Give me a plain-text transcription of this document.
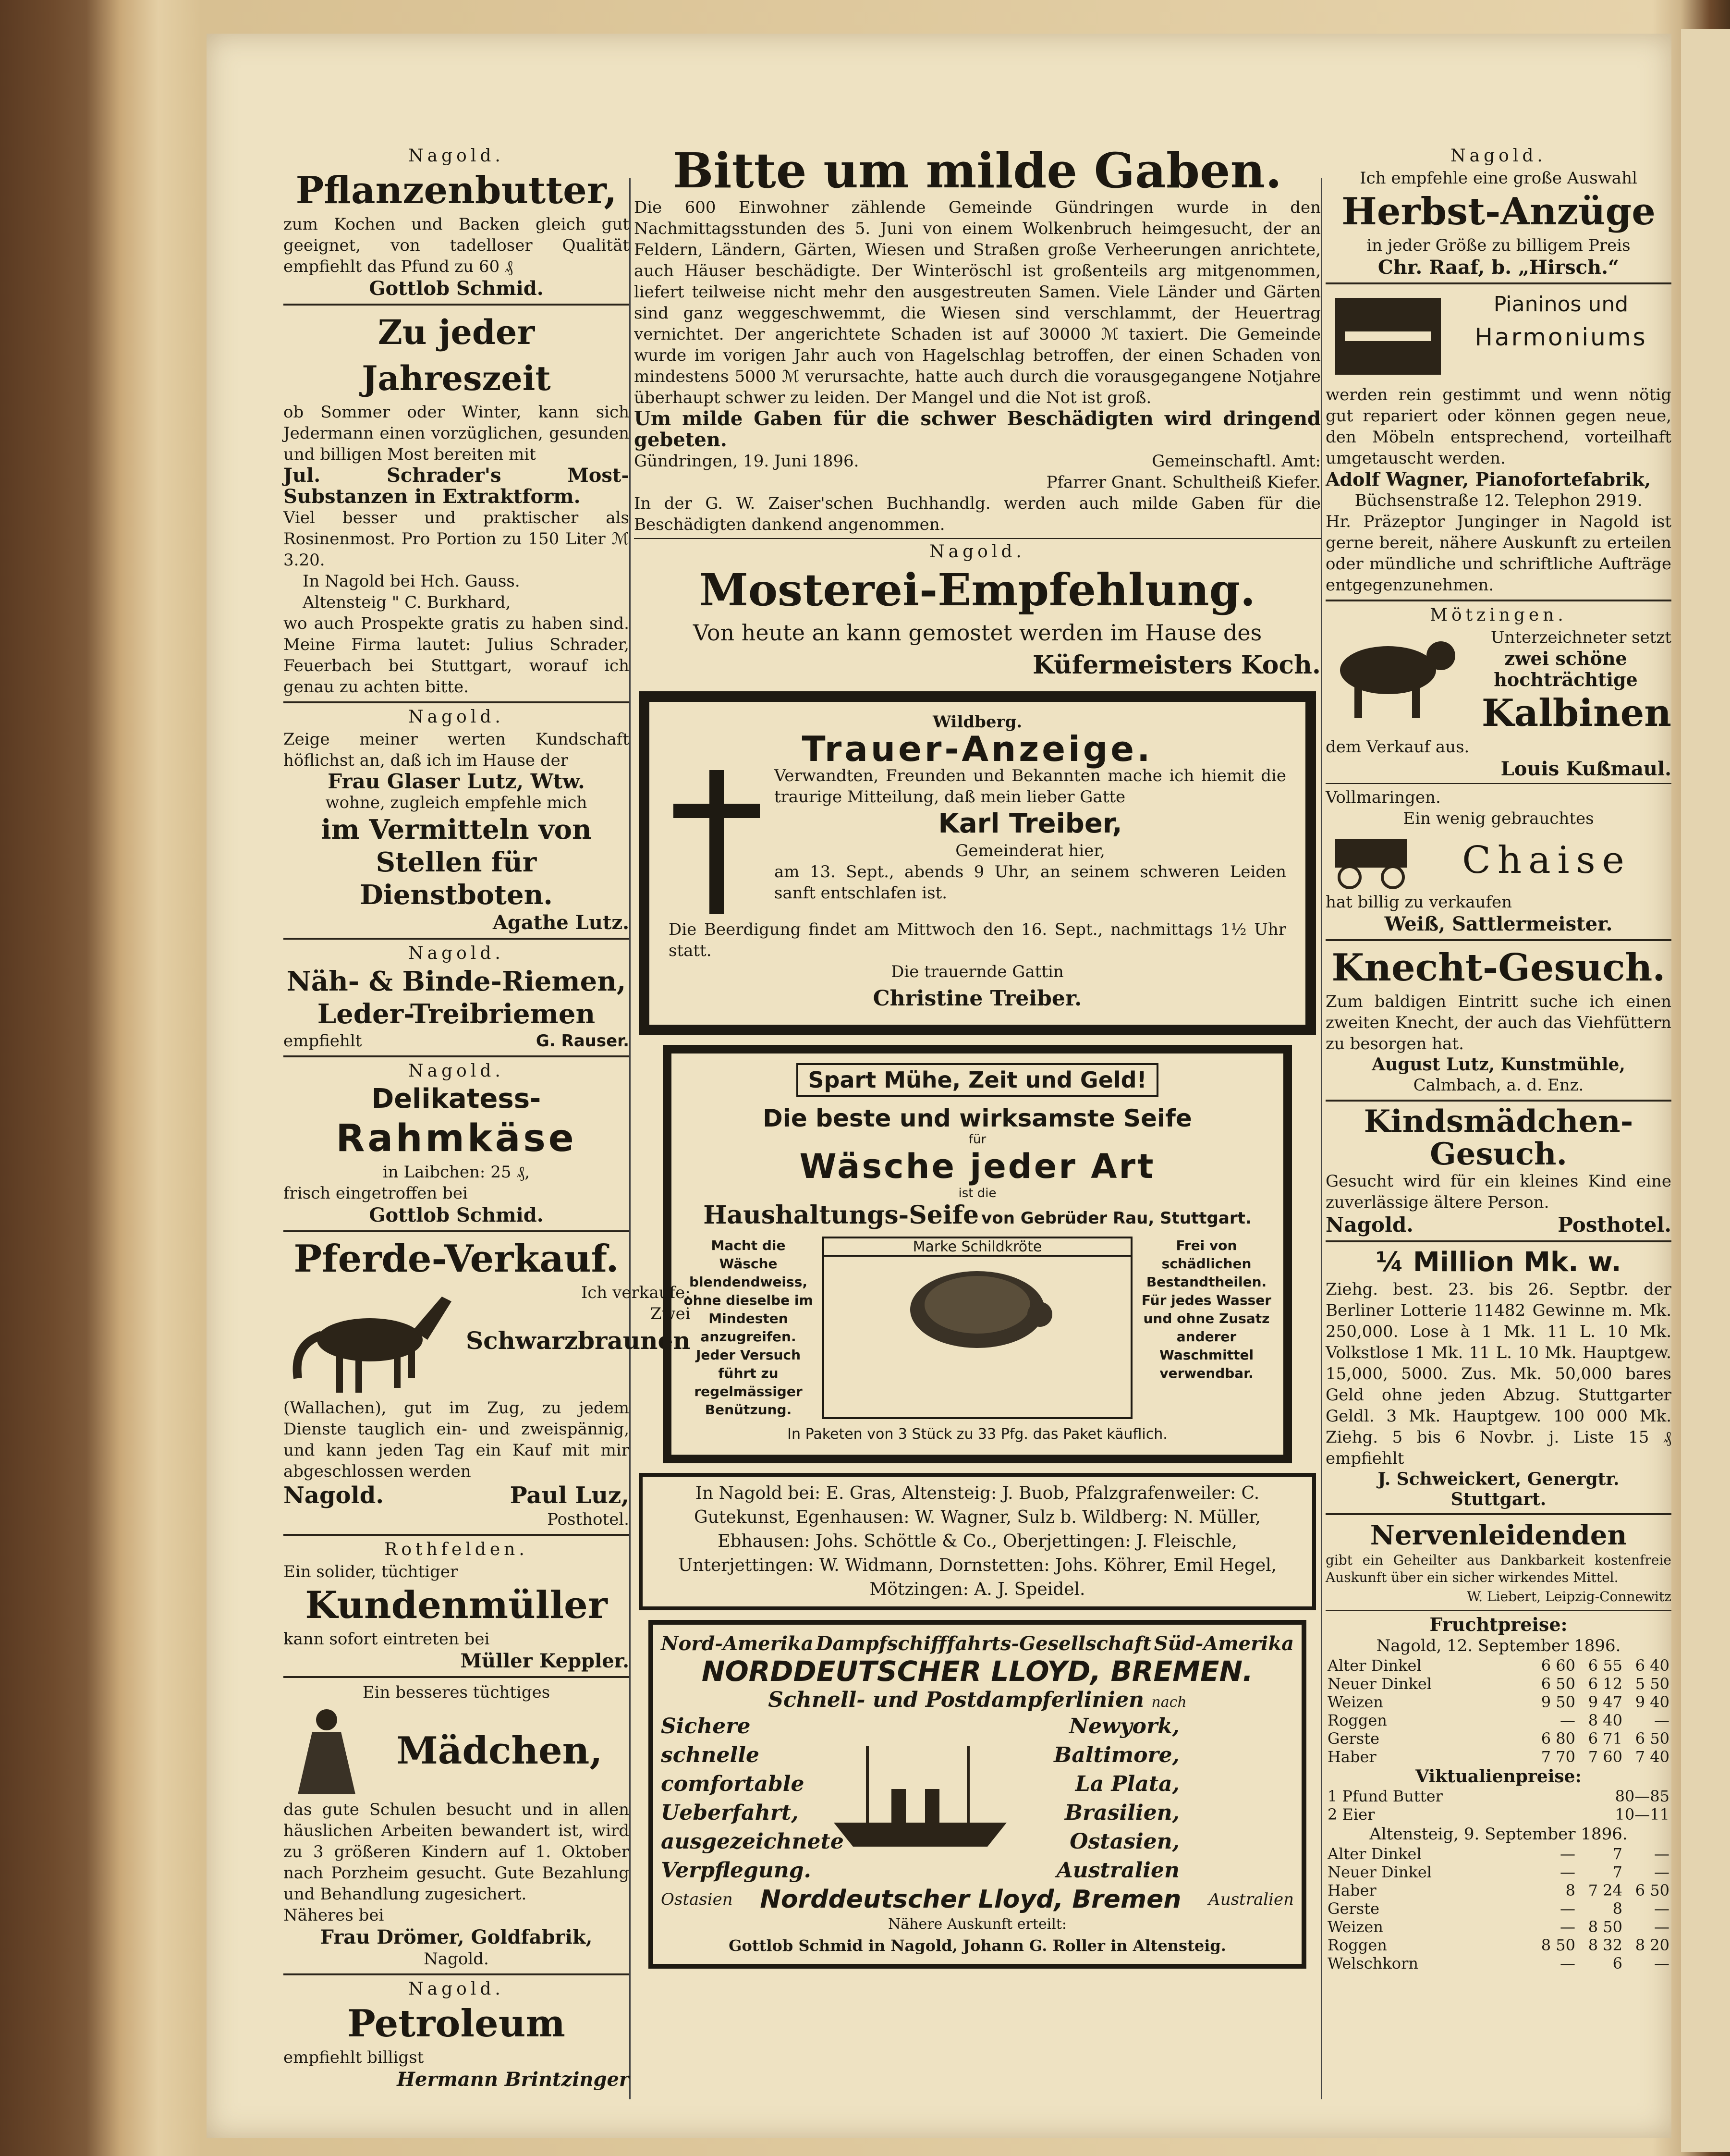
Nagold.
Pflanzenbutter,
zum Kochen und Backen gleich gut geeignet, von tadelloser Qualität empfiehlt das Pfund zu 60 ₰
Gottlob Schmid.
Zu jeder Jahreszeit
ob Sommer oder Winter, kann sich Jedermann einen vorzüglichen, gesunden und billigen Most bereiten mit
Jul. Schrader's Most-Substanzen in Extraktform.
Viel besser und praktischer als Rosinenmost. Pro Portion zu 150 Liter ℳ 3.20.
In Nagold bei Hch. Gauss.
Altensteig " C. Burkhard,
wo auch Prospekte gratis zu haben sind. Meine Firma lautet: Julius Schrader, Feuerbach bei Stuttgart, worauf ich genau zu achten bitte.
Nagold.
Zeige meiner werten Kundschaft höflichst an, daß ich im Hause der
Frau Glaser Lutz, Wtw.
wohne, zugleich empfehle mich
im Vermitteln von Stellen für Dienstboten.
Agathe Lutz.
Nagold.
Näh- & Binde-Riemen,
Leder-Treibriemen
empfiehlt	G. Rauser.
Nagold.
Delikatess-
Rahmkäse
in Laibchen: 25 ₰,
frisch eingetroffen bei
Gottlob Schmid.
Pferde-Verkauf.
Ich verkaufe:
Zwei
Schwarzbraunen
(Wallachen), gut im Zug, zu jedem Dienste tauglich ein- und zweispännig, und kann jeden Tag ein Kauf mit mir abgeschlossen werden
Nagold.	Paul Luz,
Posthotel.
Rothfelden.
Ein solider, tüchtiger
Kundenmüller
kann sofort eintreten bei
Müller Keppler.
Ein besseres tüchtiges
Mädchen,
das gute Schulen besucht und in allen häuslichen Arbeiten bewandert ist, wird zu 3 größeren Kindern auf 1. Oktober nach Porzheim gesucht. Gute Bezahlung und Behandlung zugesichert.
Näheres bei
Frau Drömer, Goldfabrik,
Nagold.
Nagold.
Petroleum
empfiehlt billigst
Hermann Brintzinger
Bitte um milde Gaben.
Die 600 Einwohner zählende Gemeinde Gündringen wurde in den Nachmittagsstunden des 5. Juni von einem Wolkenbruch heimgesucht, der an Feldern, Ländern, Gärten, Wiesen und Straßen große Verheerungen anrichtete, auch Häuser beschädigte. Der Winteröschl ist großenteils arg mitgenommen, liefert teilweise nicht mehr den ausgestreuten Samen. Viele Länder und Gärten sind ganz weggeschwemmt, die Wiesen sind verschlammt, der Heuertrag vernichtet. Der angerichtete Schaden ist auf 30000 ℳ taxiert. Die Gemeinde wurde im vorigen Jahr auch von Hagelschlag betroffen, der einen Schaden von mindestens 5000 ℳ verursachte, hatte auch durch die vorausgegangene Notjahre überhaupt schwer zu leiden. Der Mangel und die Not ist groß.
Um milde Gaben für die schwer Beschädigten wird dringend gebeten.
Gündringen, 19. Juni 1896.	Gemeinschaftl. Amt:
Pfarrer Gnant. Schultheiß Kiefer.
In der G. W. Zaiser'schen Buchhandlg. werden auch milde Gaben für die Beschädigten dankend angenommen.
Nagold.
Mosterei-Empfehlung.
Von heute an kann gemostet werden im Hause des
Küfermeisters Koch.
Wildberg.
Trauer-Anzeige.
Verwandten, Freunden und Bekannten mache ich hiemit die traurige Mitteilung, daß mein lieber Gatte
Karl Treiber,
Gemeinderat hier,
am 13. Sept., abends 9 Uhr, an seinem schweren Leiden sanft entschlafen ist.
Die Beerdigung findet am Mittwoch den 16. Sept., nachmittags 1½ Uhr statt.
Die trauernde Gattin
Christine Treiber.
Spart Mühe, Zeit und Geld!
Die beste und wirksamste Seife
für
Wäsche jeder Art
ist die
Haushaltungs-Seife von Gebrüder Rau, Stuttgart.
Macht die Wäsche blendendweiss, ohne dieselbe im Mindesten anzugreifen. Jeder Versuch führt zu regelmässiger Benützung.
Marke Schildkröte	Frei von schädlichen Bestandtheilen. Für jedes Wasser und ohne Zusatz anderer Waschmittel verwendbar.
In Paketen von 3 Stück zu 33 Pfg. das Paket käuflich.
In Nagold bei: E. Gras, Altensteig: J. Buob, Pfalzgrafenweiler: C. Gutekunst, Egenhausen: W. Wagner, Sulz b. Wildberg: N. Müller, Ebhausen: Johs. Schöttle & Co., Oberjettingen: J. Fleischle, Unterjettingen: W. Widmann, Dornstetten: Johs. Köhrer, Emil Hegel, Mötzingen: A. J. Speidel.
Nord-Amerika Dampfschifffahrts-Gesellschaft Süd-Amerika
NORDDEUTSCHER LLOYD, BREMEN.
Schnell- und Postdampferlinien nach
Sichere
schnelle
comfortable
Ueberfahrt,
ausgezeichnete
Verpflegung.
Newyork,
Baltimore,
La Plata,
Brasilien,
Ostasien,
Australien
Ostasien Norddeutscher Lloyd, Bremen Australien
Nähere Auskunft erteilt:
Gottlob Schmid in Nagold, Johann G. Roller in Altensteig.
Nagold.
Ich empfehle eine große Auswahl
Herbst-Anzüge
in jeder Größe zu billigem Preis
Chr. Raaf, b. „Hirsch.“
Pianinos und
Harmoniums
werden rein gestimmt und wenn nötig gut repariert oder können gegen neue, den Möbeln entsprechend, vorteilhaft umgetauscht werden.
Adolf Wagner, Pianofortefabrik,
Büchsenstraße 12. Telephon 2919.
Hr. Präzeptor Junginger in Nagold ist gerne bereit, nähere Auskunft zu erteilen oder mündliche und schriftliche Aufträge entgegenzunehmen.
Mötzingen.
Unterzeichneter setzt
zwei schöne hochträchtige
Kalbinen
dem Verkauf aus.
Louis Kußmaul.
Vollmaringen.
Ein wenig gebrauchtes
Chaise
hat billig zu verkaufen
Weiß, Sattlermeister.
Knecht-Gesuch.
Zum baldigen Eintritt suche ich einen zweiten Knecht, der auch das Viehfüttern zu besorgen hat.
August Lutz, Kunstmühle,
Calmbach, a. d. Enz.
Kindsmädchen-
Gesuch.
Gesucht wird für ein kleines Kind eine zuverlässige ältere Person.
Nagold.	Posthotel.
¼ Million Mk. w.
Ziehg. best. 23. bis 26. Septbr. der Berliner Lotterie 11482 Gewinne m. Mk. 250,000. Lose à 1 Mk. 11 L. 10 Mk. Volkstlose 1 Mk. 11 L. 10 Mk. Hauptgew. 15,000, 5000. Zus. Mk. 50,000 bares Geld ohne jeden Abzug. Stuttgarter Geldl. 3 Mk. Hauptgew. 100 000 Mk. Ziehg. 5 bis 6 Novbr. j. Liste 15 ₰ empfiehlt
J. Schweickert, Genergtr.
Stuttgart.
Nervenleidenden
gibt ein Geheilter aus Dankbarkeit kostenfreie Auskunft über ein sicher wirkendes Mittel.
W. Liebert, Leipzig-Connewitz
Fruchtpreise:
Nagold, 12. September 1896.
Alter Dinkel	6 60	6 55	6 40
Neuer Dinkel	6 50	6 12	5 50
Weizen	9 50	9 47	9 40
Roggen	—	8 40	—
Gerste	6 80	6 71	6 50
Haber	7 70	7 60	7 40
Viktualienpreise:
1 Pfund Butter	80—85
2 Eier	10—11
Altensteig, 9. September 1896.
Alter Dinkel	—	7	—
Neuer Dinkel	—	7	—
Haber	8	7 24	6 50
Gerste	—	8	—
Weizen	—	8 50	—
Roggen	8 50	8 32	8 20
Welschkorn	—	6	—
